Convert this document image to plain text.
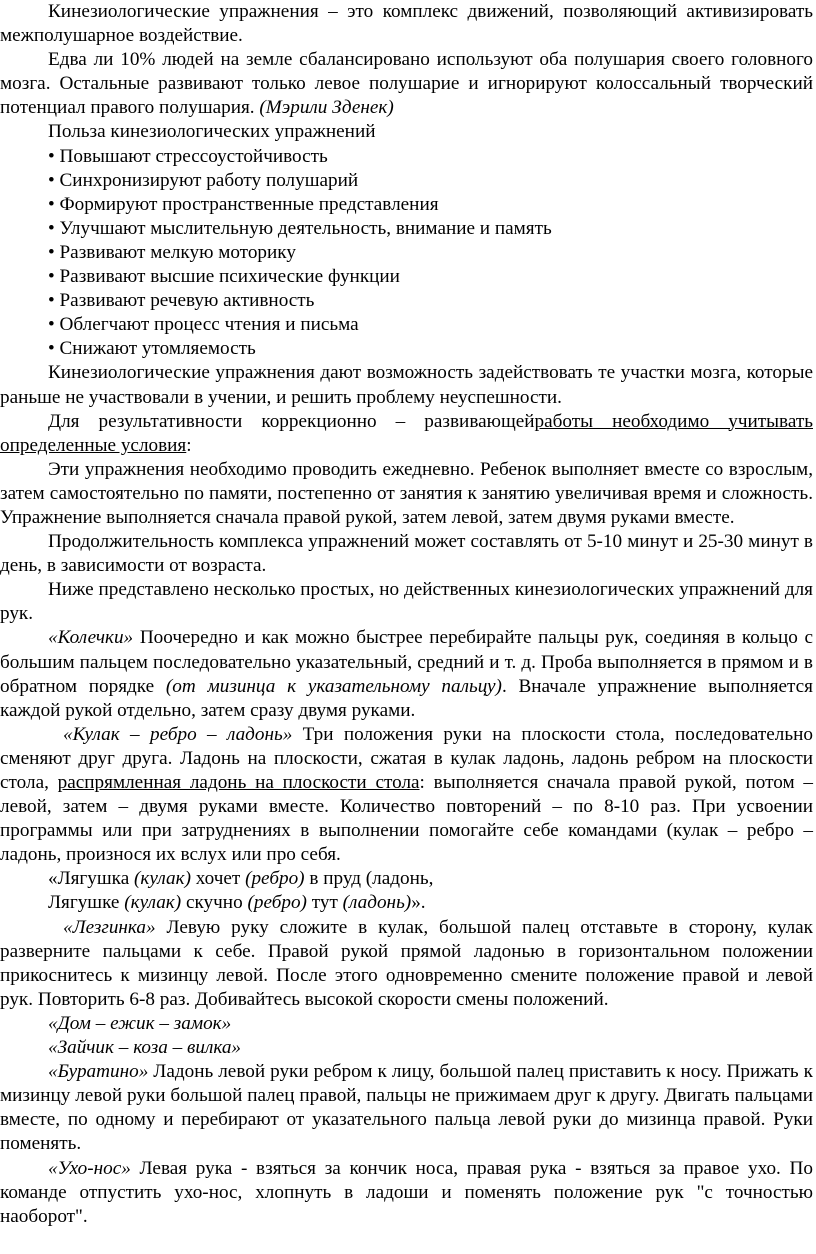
Кинезиологические упражнения – это комплекс движений, позволяющий активизировать межполушарное воздействие.

Едва ли 10% людей на земле сбалансировано используют оба полушария своего головного мозга. Остальные развивают только левое полушарие и игнорируют колоссальный творческий потенциал правого полушария. (Мэрили Зденек)

Польза кинезиологических упражнений

• Повышают стрессоустойчивость
• Синхронизируют работу полушарий
• Формируют пространственные представления
• Улучшают мыслительную деятельность, внимание и память
• Развивают мелкую моторику
• Развивают высшие психические функции
• Развивают речевую активность
• Облегчают процесс чтения и письма
• Снижают утомляемость

Кинезиологические упражнения дают возможность задействовать те участки мозга, которые раньше не участвовали в учении, и решить проблему неуспешности.

Для результативности коррекционно – развивающейработы необходимо учитывать определенные условия:

Эти упражнения необходимо проводить ежедневно. Ребенок выполняет вместе со взрослым, затем самостоятельно по памяти, постепенно от занятия к занятию увеличивая время и сложность. Упражнение выполняется сначала правой рукой, затем левой, затем двумя руками вместе.

Продолжительность комплекса упражнений может составлять от 5-10 минут и 25-30 минут в день, в зависимости от возраста.

Ниже представлено несколько простых, но действенных кинезиологических упражнений для рук.

«Колечки» Поочередно и как можно быстрее перебирайте пальцы рук, соединяя в кольцо с большим пальцем последовательно указательный, средний и т. д. Проба выполняется в прямом и в обратном порядке (от мизинца к указательному пальцу). Вначале упражнение выполняется каждой рукой отдельно, затем сразу двумя руками.

«Кулак – ребро – ладонь» Три положения руки на плоскости стола, последовательно сменяют друг друга. Ладонь на плоскости, сжатая в кулак ладонь, ладонь ребром на плоскости стола, распрямленная ладонь на плоскости стола: выполняется сначала правой рукой, потом – левой, затем – двумя руками вместе. Количество повторений – по 8-10 раз. При усвоении программы или при затруднениях в выполнении помогайте себе командами (кулак – ребро – ладонь, произнося их вслух или про себя.

«Лягушка (кулак) хочет (ребро) в пруд (ладонь,

Лягушке (кулак) скучно (ребро) тут (ладонь)».

«Лезгинка» Левую руку сложите в кулак, большой палец отставьте в сторону, кулак разверните пальцами к себе. Правой рукой прямой ладонью в горизонтальном положении прикоснитесь к мизинцу левой. После этого одновременно смените положение правой и левой рук. Повторить 6-8 раз. Добивайтесь высокой скорости смены положений.

«Дом – ежик – замок»

«Зайчик – коза – вилка»

«Буратино» Ладонь левой руки ребром к лицу, большой палец приставить к носу. Прижать к мизинцу левой руки большой палец правой, пальцы не прижимаем друг к другу. Двигать пальцами вместе, по одному и перебирают от указательного пальца левой руки до мизинца правой. Руки поменять.

«Ухо-нос» Левая рука - взяться за кончик носа, правая рука - взяться за правое ухо. По команде отпустить ухо-нос, хлопнуть в ладоши и поменять положение рук "с точностью наоборот".
